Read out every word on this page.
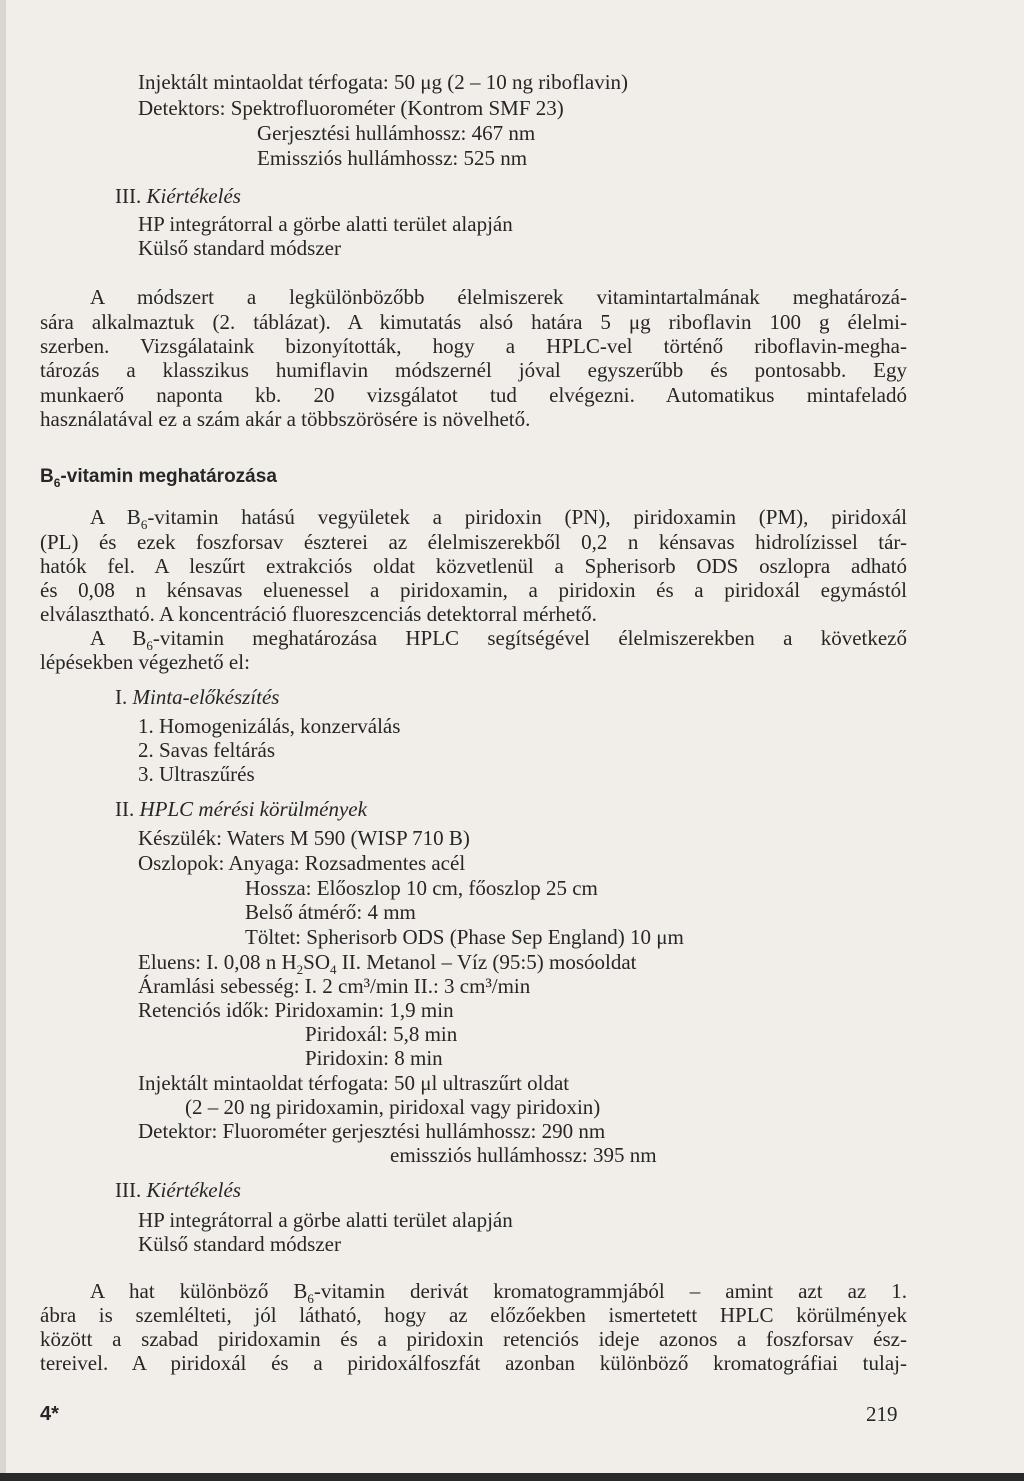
Injektált mintaoldat térfogata: 50 μg (2 – 10 ng riboflavin)
Detektors: Spektrofluorométer (Kontrom SMF 23)
Gerjesztési hullámhossz: 467 nm
Emissziós hullámhossz: 525 nm
III. Kiértékelés
HP integrátorral a görbe alatti terület alapján
Külső standard módszer
A módszert a legkülönbözőbb élelmiszerek vitamintartalmának meghatározá-
sára alkalmaztuk (2. táblázat). A kimutatás alsó határa 5 μg riboflavin 100 g élelmi-
szerben. Vizsgálataink bizonyították, hogy a HPLC-vel történő riboflavin-megha-
tározás a klasszikus humiflavin módszernél jóval egyszerűbb és pontosabb. Egy
munkaerő naponta kb. 20 vizsgálatot tud elvégezni. Automatikus mintafeladó
használatával ez a szám akár a többszörösére is növelhető.
$B_6$-vitamin meghatározása
A $B_6$-vitamin hatású vegyületek a piridoxin (PN), piridoxamin (PM), piridoxál
(PL) és ezek foszforsav észterei az élelmiszerekből 0,2 n kénsavas hidrolízissel tár-
hatók fel. A leszűrt extrakciós oldat közvetlenül a Spherisorb ODS oszlopra adható
és 0,08 n kénsavas eluenessel a piridoxamin, a piridoxin és a piridoxál egymástól
elválasztható. A koncentráció fluoreszcenciás detektorral mérhető.
A $B_6$-vitamin meghatározása HPLC segítségével élelmiszerekben a következő
lépésekben végezhető el:
I. Minta-előkészítés
1. Homogenizálás, konzerválás
2. Savas feltárás
3. Ultraszűrés
II. HPLC mérési körülmények
Készülék: Waters M 590 (WISP 710 B)
Oszlopok: Anyaga: Rozsadmentes acél
Hossza: Előoszlop 10 cm, főoszlop 25 cm
Belső átmérő: 4 mm
Töltet: Spherisorb ODS (Phase Sep England) 10 μm
Eluens: I. 0,08 n $H_2SO_4$ II. Metanol – Víz (95:5) mosóoldat
Áramlási sebesség: I. 2 cm³/min II.: 3 cm³/min
Retenciós idők: Piridoxamin: 1,9 min
Piridoxál: 5,8 min
Piridoxin: 8 min
Injektált mintaoldat térfogata: 50 μl ultraszűrt oldat
(2 – 20 ng piridoxamin, piridoxal vagy piridoxin)
Detektor: Fluorométer gerjesztési hullámhossz: 290 nm
emissziós hullámhossz: 395 nm
III. Kiértékelés
HP integrátorral a görbe alatti terület alapján
Külső standard módszer
A hat különböző $B_6$-vitamin derivát kromatogrammjából – amint azt az 1.
ábra is szemlélteti, jól látható, hogy az előzőekben ismertetett HPLC körülmények
között a szabad piridoxamin és a piridoxin retenciós ideje azonos a foszforsav ész-
tereivel. A piridoxál és a piridoxálfoszfát azonban különböző kromatográfiai tulaj-
4*	219
